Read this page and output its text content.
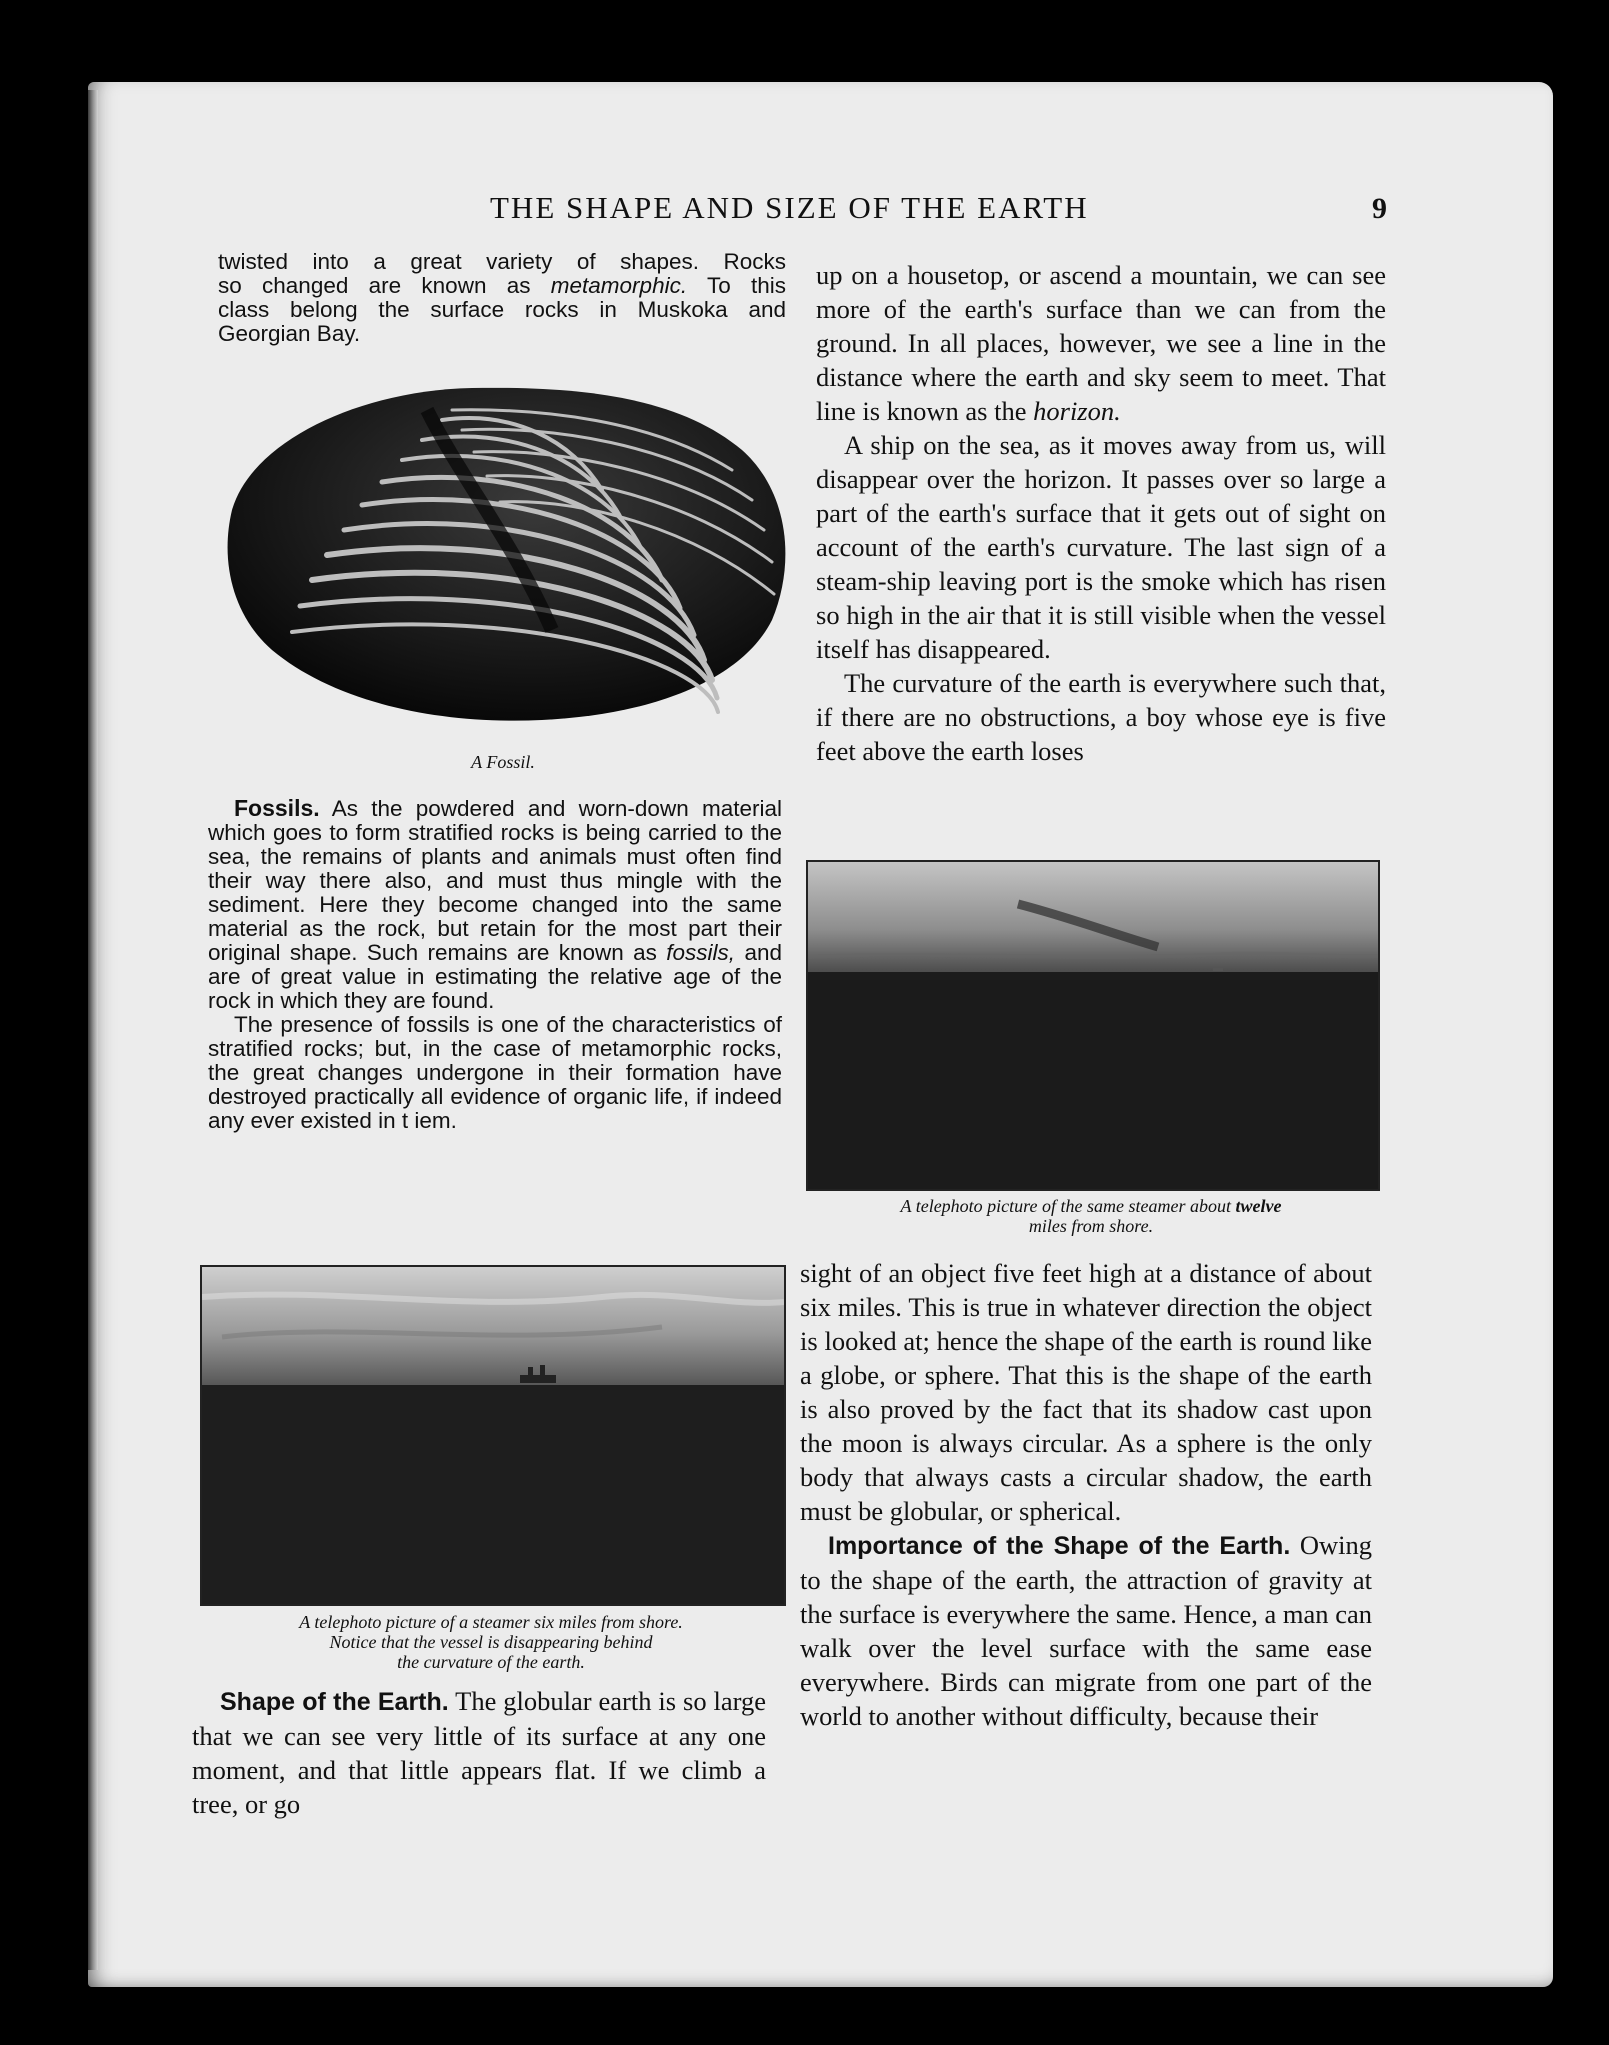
THE SHAPE AND SIZE OF THE EARTH	9

twisted into a great variety of shapes. Rocks

so changed are known as metamorphic. To this

class belong the surface rocks in Muskoka and

Georgian Bay.

A Fossil.

Fossils. As the powdered and worn-down material which goes to form stratified rocks is being carried to the sea, the remains of plants and animals must often find their way there also, and must thus mingle with the sediment. Here they become changed into the same material as the rock, but retain for the most part their original shape. Such remains are known as fossils, and are of great value in estimating the relative age of the rock in which they are found.

The presence of fossils is one of the characteristics of stratified rocks; but, in the case of metamorphic rocks, the great changes undergone in their formation have destroyed practically all evidence of organic life, if indeed any ever existed in t iem.

A telephoto picture of a steamer six miles from shore.
Notice that the vessel is disappearing behind
the curvature of the earth.

Shape of the Earth. The globular earth is so large that we can see very little of its surface at any one moment, and that little appears flat. If we climb a tree, or go

up on a housetop, or ascend a mountain, we can see more of the earth's surface than we can from the ground. In all places, however, we see a line in the distance where the earth and sky seem to meet. That line is known as the horizon.

A ship on the sea, as it moves away from us, will disappear over the horizon. It passes over so large a part of the earth's surface that it gets out of sight on account of the earth's curvature. The last sign of a steam-ship leaving port is the smoke which has risen so high in the air that it is still visible when the vessel itself has disappeared.

The curvature of the earth is everywhere such that, if there are no obstructions, a boy whose eye is five feet above the earth loses

A telephoto picture of the same steamer about twelve
miles from shore.

sight of an object five feet high at a distance of about six miles. This is true in whatever direction the object is looked at; hence the shape of the earth is round like a globe, or sphere. That this is the shape of the earth is also proved by the fact that its shadow cast upon the moon is always circular. As a sphere is the only body that always casts a circular shadow, the earth must be globular, or spherical.

Importance of the Shape of the Earth. Owing to the shape of the earth, the attraction of gravity at the surface is everywhere the same. Hence, a man can walk over the level surface with the same ease everywhere. Birds can migrate from one part of the world to another without difficulty, because their
